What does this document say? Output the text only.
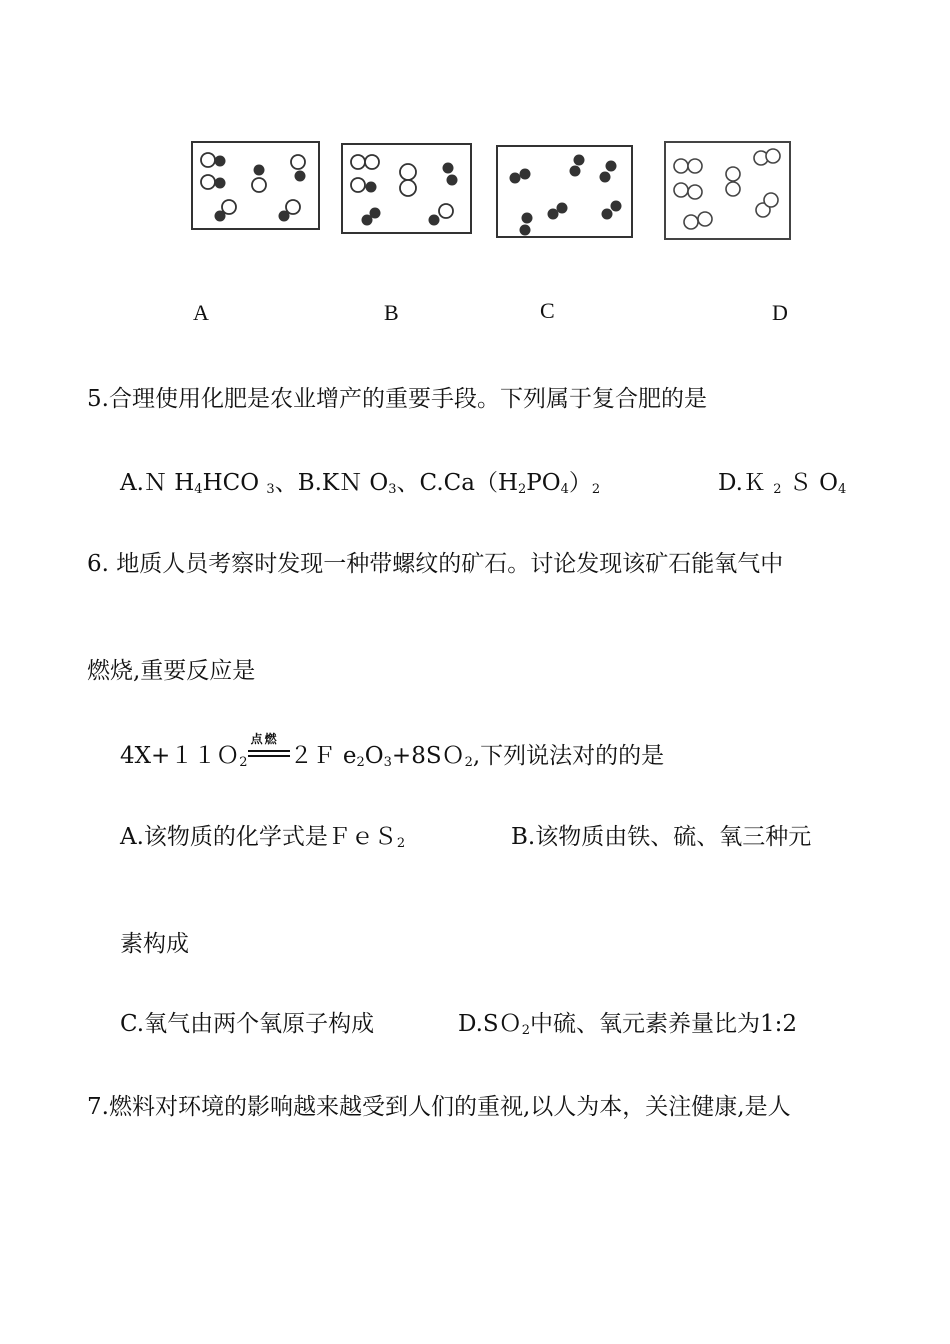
A	B	C	D
5.合理使用化肥是农业增产的重要手段。下列属于复合肥的是
A.Ｎ $H_4HCO$ $_3$、B.KＮ $O_3$、$C.Ca(H_2PO_4)_2$	D.Ｋ $_2$ Ｓ $O_4$
6. 地质人员考察时发现一种带螺纹的矿石。讨论发现该矿石能氧气中
燃烧,重要反应是
4X+１１Ｏ$_2$
点燃
２Ｆ $e_2O_3+8SO_2$,下列说法对的的是
A.该物质的化学式是ＦｅＳ$_2$	B.该物质由铁、硫、氧三种元
素构成
C.氧气由两个氧原子构成	D.SＯ$_2$中硫、氧元素养量比为1:2
7.燃料对环境的影响越来越受到人们的重视,以人为本，关注健康,是人
